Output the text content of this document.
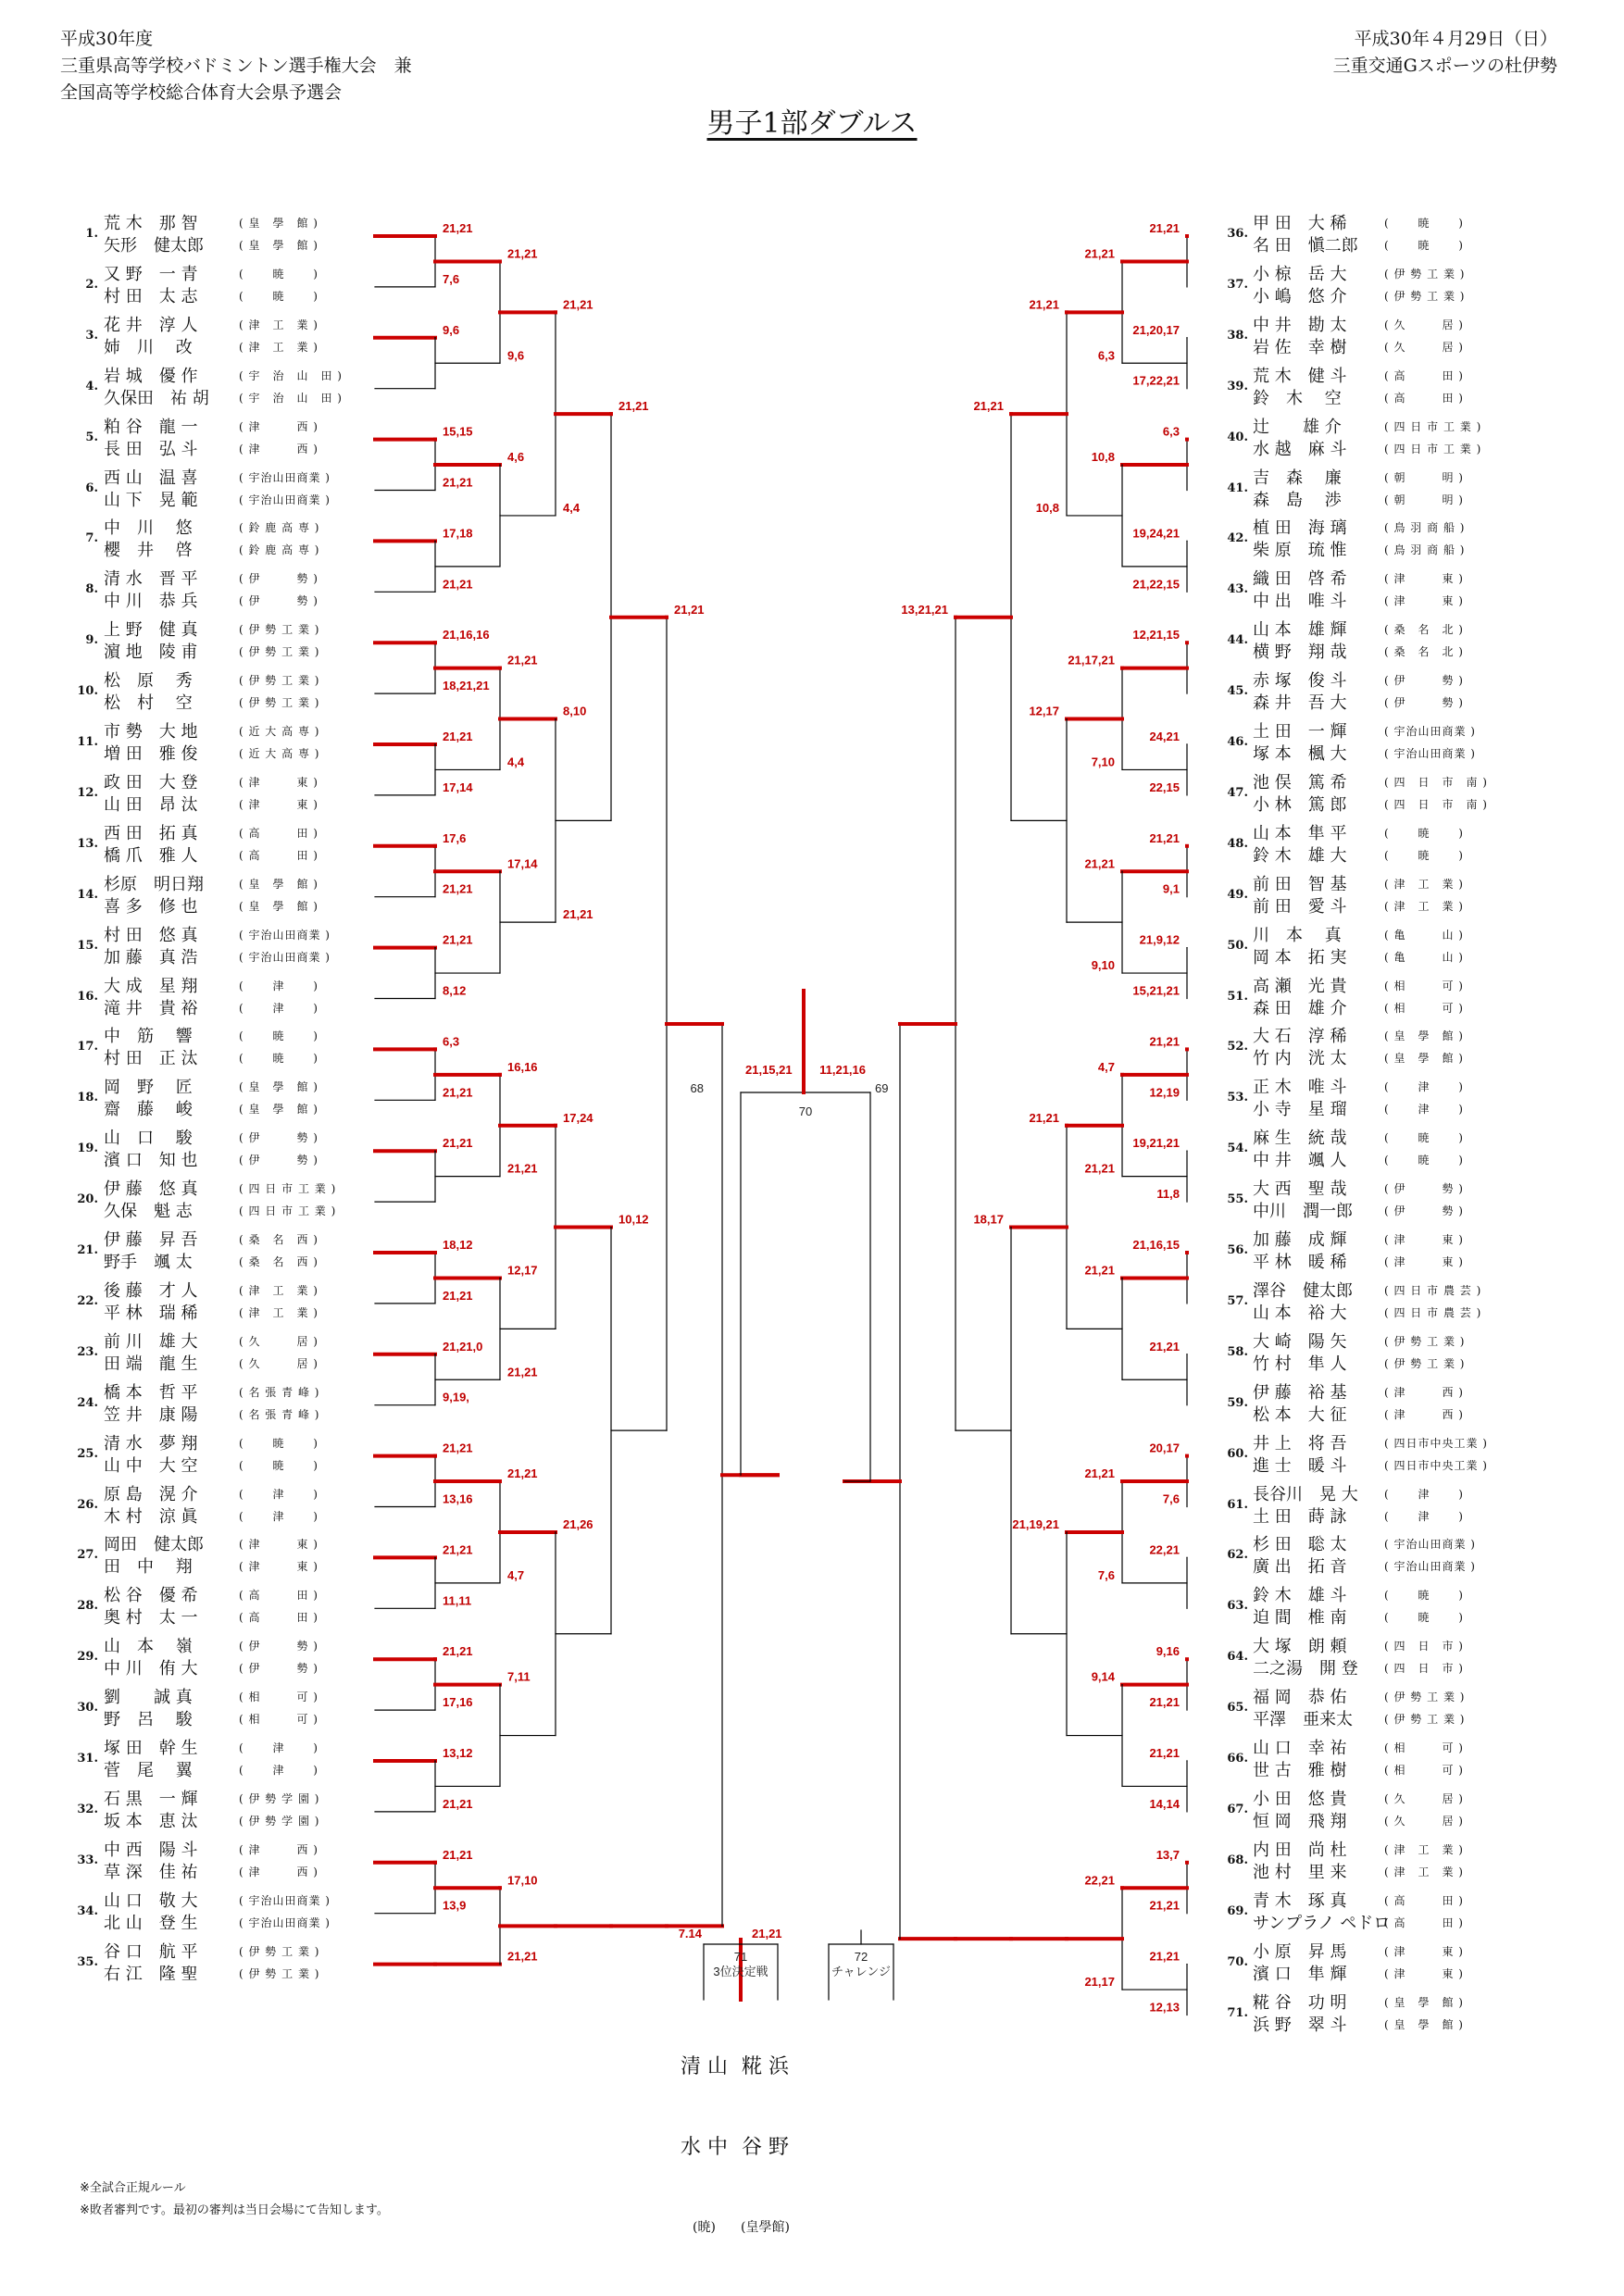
平成30年度
三重県高等学校バドミントン選手権大会　兼
全国高等学校総合体育大会県予選会
平成30年４月29日（日）
三重交通Gスポーツの杜伊勢
男子1部ダブルス
21,21
7,6
9,6
15,15
21,21
17,18
21,21
21,16,16
18,21,21
21,21
17,14
17,6
21,21
21,21
8,12
6,3
21,21
21,21
18,12
21,21
21,21,0
9,19,
21,21
13,16
21,21
11,11
21,21
17,16
13,12
21,21
21,21
13,9
21,21
9,6
4,6
21,21
4,4
17,14
16,16
21,21
12,17
21,21
21,21
4,7
7,11
17,10
21,21
21,21
4,4
8,10
21,21
17,24
21,26
21,21
10,12
21,21
21,21
21,20,17
17,22,21
6,3
19,24,21
21,22,15
12,21,15
24,21
22,15
21,21
9,1
21,9,12
15,21,21
21,21
12,19
19,21,21
11,8
21,16,15
21,21
20,17
7,6
22,21
9,16
21,21
21,21
14,14
13,7
21,21
21,21
12,13
21,21
6,3
10,8
21,17,21
7,10
21,21
9,10
4,7
21,21
21,21
21,21
7,6
9,14
22,21
21,17
21,21
10,8
12,17
21,21
21,19,21
21,21
18,17
13,21,21
21,15,21 11,21,16
68
70
69
7.14	21,21
71
3位決定戦
72
チャレンジ
1.
荒 木　那 智
矢形　健太郎
( 皇　學　館 )
( 皇　學　館 )
2.
又 野　一 青
村 田　太 志
(　　 暁 　　)
(　　 暁 　　)
3.
花 井　淳 人
姉　川　 改
( 津　工　業 )
( 津　工　業 )
4.
岩 城　優 作
久保田　祐 胡
( 宇　治　山　田 )
( 宇　治　山　田 )
5.
粕 谷　龍 一
長 田　弘 斗
( 津　　　西 )
( 津　　　西 )
6.
西 山　温 喜
山 下　晃 範
( 宇治山田商業 )
( 宇治山田商業 )
7.
中　川　 悠
櫻　井　 啓
( 鈴 鹿 高 専 )
( 鈴 鹿 高 専 )
8.
清 水　晋 平
中 川　恭 兵
( 伊　　　勢 )
( 伊　　　勢 )
9.
上 野　健 真
濵 地　陵 甫
( 伊 勢 工 業 )
( 伊 勢 工 業 )
10.
松　原　 秀
松　村　 空
( 伊 勢 工 業 )
( 伊 勢 工 業 )
11.
市 勢　大 地
増 田　雅 俊
( 近 大 高 専 )
( 近 大 高 専 )
12.
政 田　大 登
山 田　昂 汰
( 津　　　東 )
( 津　　　東 )
13.
西 田　拓 真
橋 爪　雅 人
( 高　　　田 )
( 高　　　田 )
14.
杉原　明日翔
喜 多　修 也
( 皇　學　館 )
( 皇　學　館 )
15.
村 田　悠 真
加 藤　真 浩
( 宇治山田商業 )
( 宇治山田商業 )
16.
大 成　星 翔
滝 井　貴 裕
(　　 津 　　)
(　　 津 　　)
17.
中　筋　 響
村 田　正 汰
(　　 暁 　　)
(　　 暁 　　)
18.
岡　野　 匠
齋　藤　 峻
( 皇　學　館 )
( 皇　學　館 )
19.
山　口　 駿
濱 口　知 也
( 伊　　　勢 )
( 伊　　　勢 )
20.
伊 藤　悠 真
久保　魁 志
( 四 日 市 工 業 )
( 四 日 市 工 業 )
21.
伊 藤　昇 吾
野手　颯 太
( 桑　名　西 )
( 桑　名　西 )
22.
後 藤　才 人
平 林　瑞 稀
( 津　工　業 )
( 津　工　業 )
23.
前 川　雄 大
田 端　龍 生
( 久　　　居 )
( 久　　　居 )
24.
橋 本　哲 平
笠 井　康 陽
( 名 張 青 峰 )
( 名 張 青 峰 )
25.
清 水　夢 翔
山 中　大 空
(　　 暁 　　)
(　　 暁 　　)
26.
原 島　滉 介
木 村　涼 眞
(　　 津 　　)
(　　 津 　　)
27.
岡田　健太郎
田　中　 翔
( 津　　　東 )
( 津　　　東 )
28.
松 谷　優 希
奥 村　太 一
( 高　　　田 )
( 高　　　田 )
29.
山　本　 嶺
中 川　侑 大
( 伊　　　勢 )
( 伊　　　勢 )
30.
劉　　誠 真
野　呂　 駿
( 相　　　可 )
( 相　　　可 )
31.
塚 田　幹 生
菅　尾　 翼
(　　 津 　　)
(　　 津 　　)
32.
石 黒　一 輝
坂 本　恵 汰
( 伊 勢 学 園 )
( 伊 勢 学 園 )
33.
中 西　陽 斗
草 深　佳 祐
( 津　　　西 )
( 津　　　西 )
34.
山 口　敬 大
北 山　登 生
( 宇治山田商業 )
( 宇治山田商業 )
35.
谷 口　航 平
右 江　隆 聖
( 伊 勢 工 業 )
( 伊 勢 工 業 )
36.
甲 田　大 稀
名 田　愼二郎
(　　 暁 　　)
(　　 暁 　　)
37.
小 椋　岳 大
小 嶋　悠 介
( 伊 勢 工 業 )
( 伊 勢 工 業 )
38.
中 井　勘 太
岩 佐　幸 樹
( 久　　　居 )
( 久　　　居 )
39.
荒 木　健 斗
鈴　木　 空
( 高　　　田 )
( 高　　　田 )
40.
辻　　雄 介
水 越　麻 斗
( 四 日 市 工 業 )
( 四 日 市 工 業 )
41.
吉　森　 廉
森　島　 渉
( 朝　　　明 )
( 朝　　　明 )
42.
植 田　海 璃
柴 原　琉 惟
( 鳥 羽 商 船 )
( 鳥 羽 商 船 )
43.
織 田　啓 希
中 出　唯 斗
( 津　　　東 )
( 津　　　東 )
44.
山 本　雄 輝
横 野　翔 哉
( 桑　名　北 )
( 桑　名　北 )
45.
赤 塚　俊 斗
森 井　吾 大
( 伊　　　勢 )
( 伊　　　勢 )
46.
土 田　一 輝
塚 本　楓 大
( 宇治山田商業 )
( 宇治山田商業 )
47.
池 俣　篤 希
小 林　篤 郎
( 四　日　市　南 )
( 四　日　市　南 )
48.
山 本　隼 平
鈴 木　雄 大
(　　 暁 　　)
(　　 暁 　　)
49.
前 田　智 基
前 田　愛 斗
( 津　工　業 )
( 津　工　業 )
50.
川　本　 真
岡 本　拓 実
( 亀　　　山 )
( 亀　　　山 )
51.
高 瀬　光 貴
森 田　雄 介
( 相　　　可 )
( 相　　　可 )
52.
大 石　淳 稀
竹 内　洸 太
( 皇　學　館 )
( 皇　學　館 )
53.
正 木　唯 斗
小 寺　星 瑠
(　　 津 　　)
(　　 津 　　)
54.
麻 生　統 哉
中 井　颯 人
(　　 暁 　　)
(　　 暁 　　)
55.
大 西　聖 哉
中川　潤一郎
( 伊　　　勢 )
( 伊　　　勢 )
56.
加 藤　成 輝
平 林　暖 稀
( 津　　　東 )
( 津　　　東 )
57.
澤谷　健太郎
山 本　裕 大
( 四 日 市 農 芸 )
( 四 日 市 農 芸 )
58.
大 崎　陽 矢
竹 村　隼 人
( 伊 勢 工 業 )
( 伊 勢 工 業 )
59.
伊 藤　裕 基
松 本　大 征
( 津　　　西 )
( 津　　　西 )
60.
井 上　将 吾
進 士　暖 斗
( 四日市中央工業 )
( 四日市中央工業 )
61.
長谷川　晃 大
土 田　蒔 詠
(　　 津 　　)
(　　 津 　　)
62.
杉 田　聡 太
廣 出　拓 音
( 宇治山田商業 )
( 宇治山田商業 )
63.
鈴 木　雄 斗
迫 間　椎 南
(　　 暁 　　)
(　　 暁 　　)
64.
大 塚　朗 頼
二之湯　開 登
( 四　日　市 )
( 四　日　市 )
65.
福 岡　恭 佑
平澤　亜来太
( 伊 勢 工 業 )
( 伊 勢 工 業 )
66.
山 口　幸 祐
世 古　雅 樹
( 相　　　可 )
( 相　　　可 )
67.
小 田　悠 貴
恒 岡　飛 翔
( 久　　　居 )
( 久　　　居 )
68.
内 田　尚 杜
池 村　里 来
( 津　工　業 )
( 津　工　業 )
69.
青 木　琢 真
サンプラノ ペドロ
( 高　　　田 )
( 高　　　田 )
70.
小 原　昇 馬
濱 口　隼 輝
( 津　　　東 )
( 津　　　東 )
71.
糀 谷　功 明
浜 野　翠 斗
( 皇　學　館 )
( 皇　學　館 )

清 山

水 中

(暁)

糀 浜

谷 野

(皇學館)

※全試合正規ルール
※敗者審判です。最初の審判は当日会場にて告知します。
